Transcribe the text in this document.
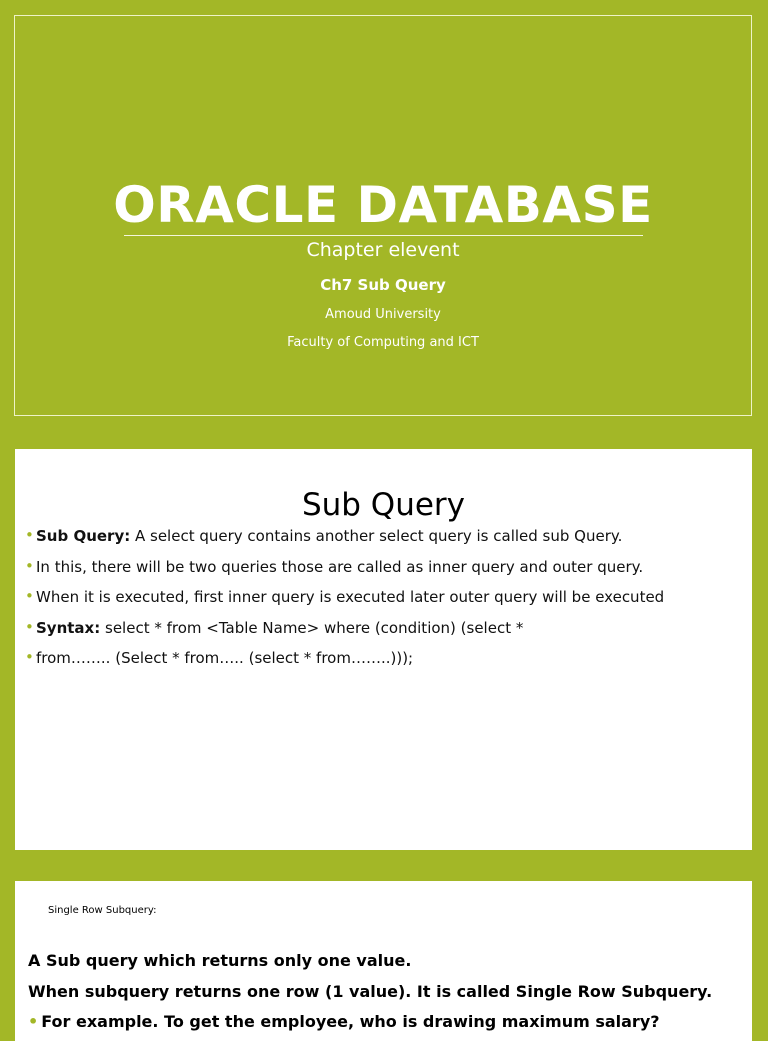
ORACLE DATABASE
Chapter elevent
Ch7 Sub Query
Amoud University
Faculty of Computing and ICT
Sub Query
• Sub Query: A select query contains another select query is called sub Query.
• In this, there will be two queries those are called as inner query and outer query.
• When it is executed, first inner query is executed later outer query will be executed
• Syntax: select * from <Table Name> where (condition) (select *
• from…….. (Select * from….. (select * from……..)));
Single Row Subquery:
A Sub query which returns only one value.
When subquery returns one row (1 value). It is called Single Row Subquery.
• For example. To get the employee, who is drawing maximum salary?
